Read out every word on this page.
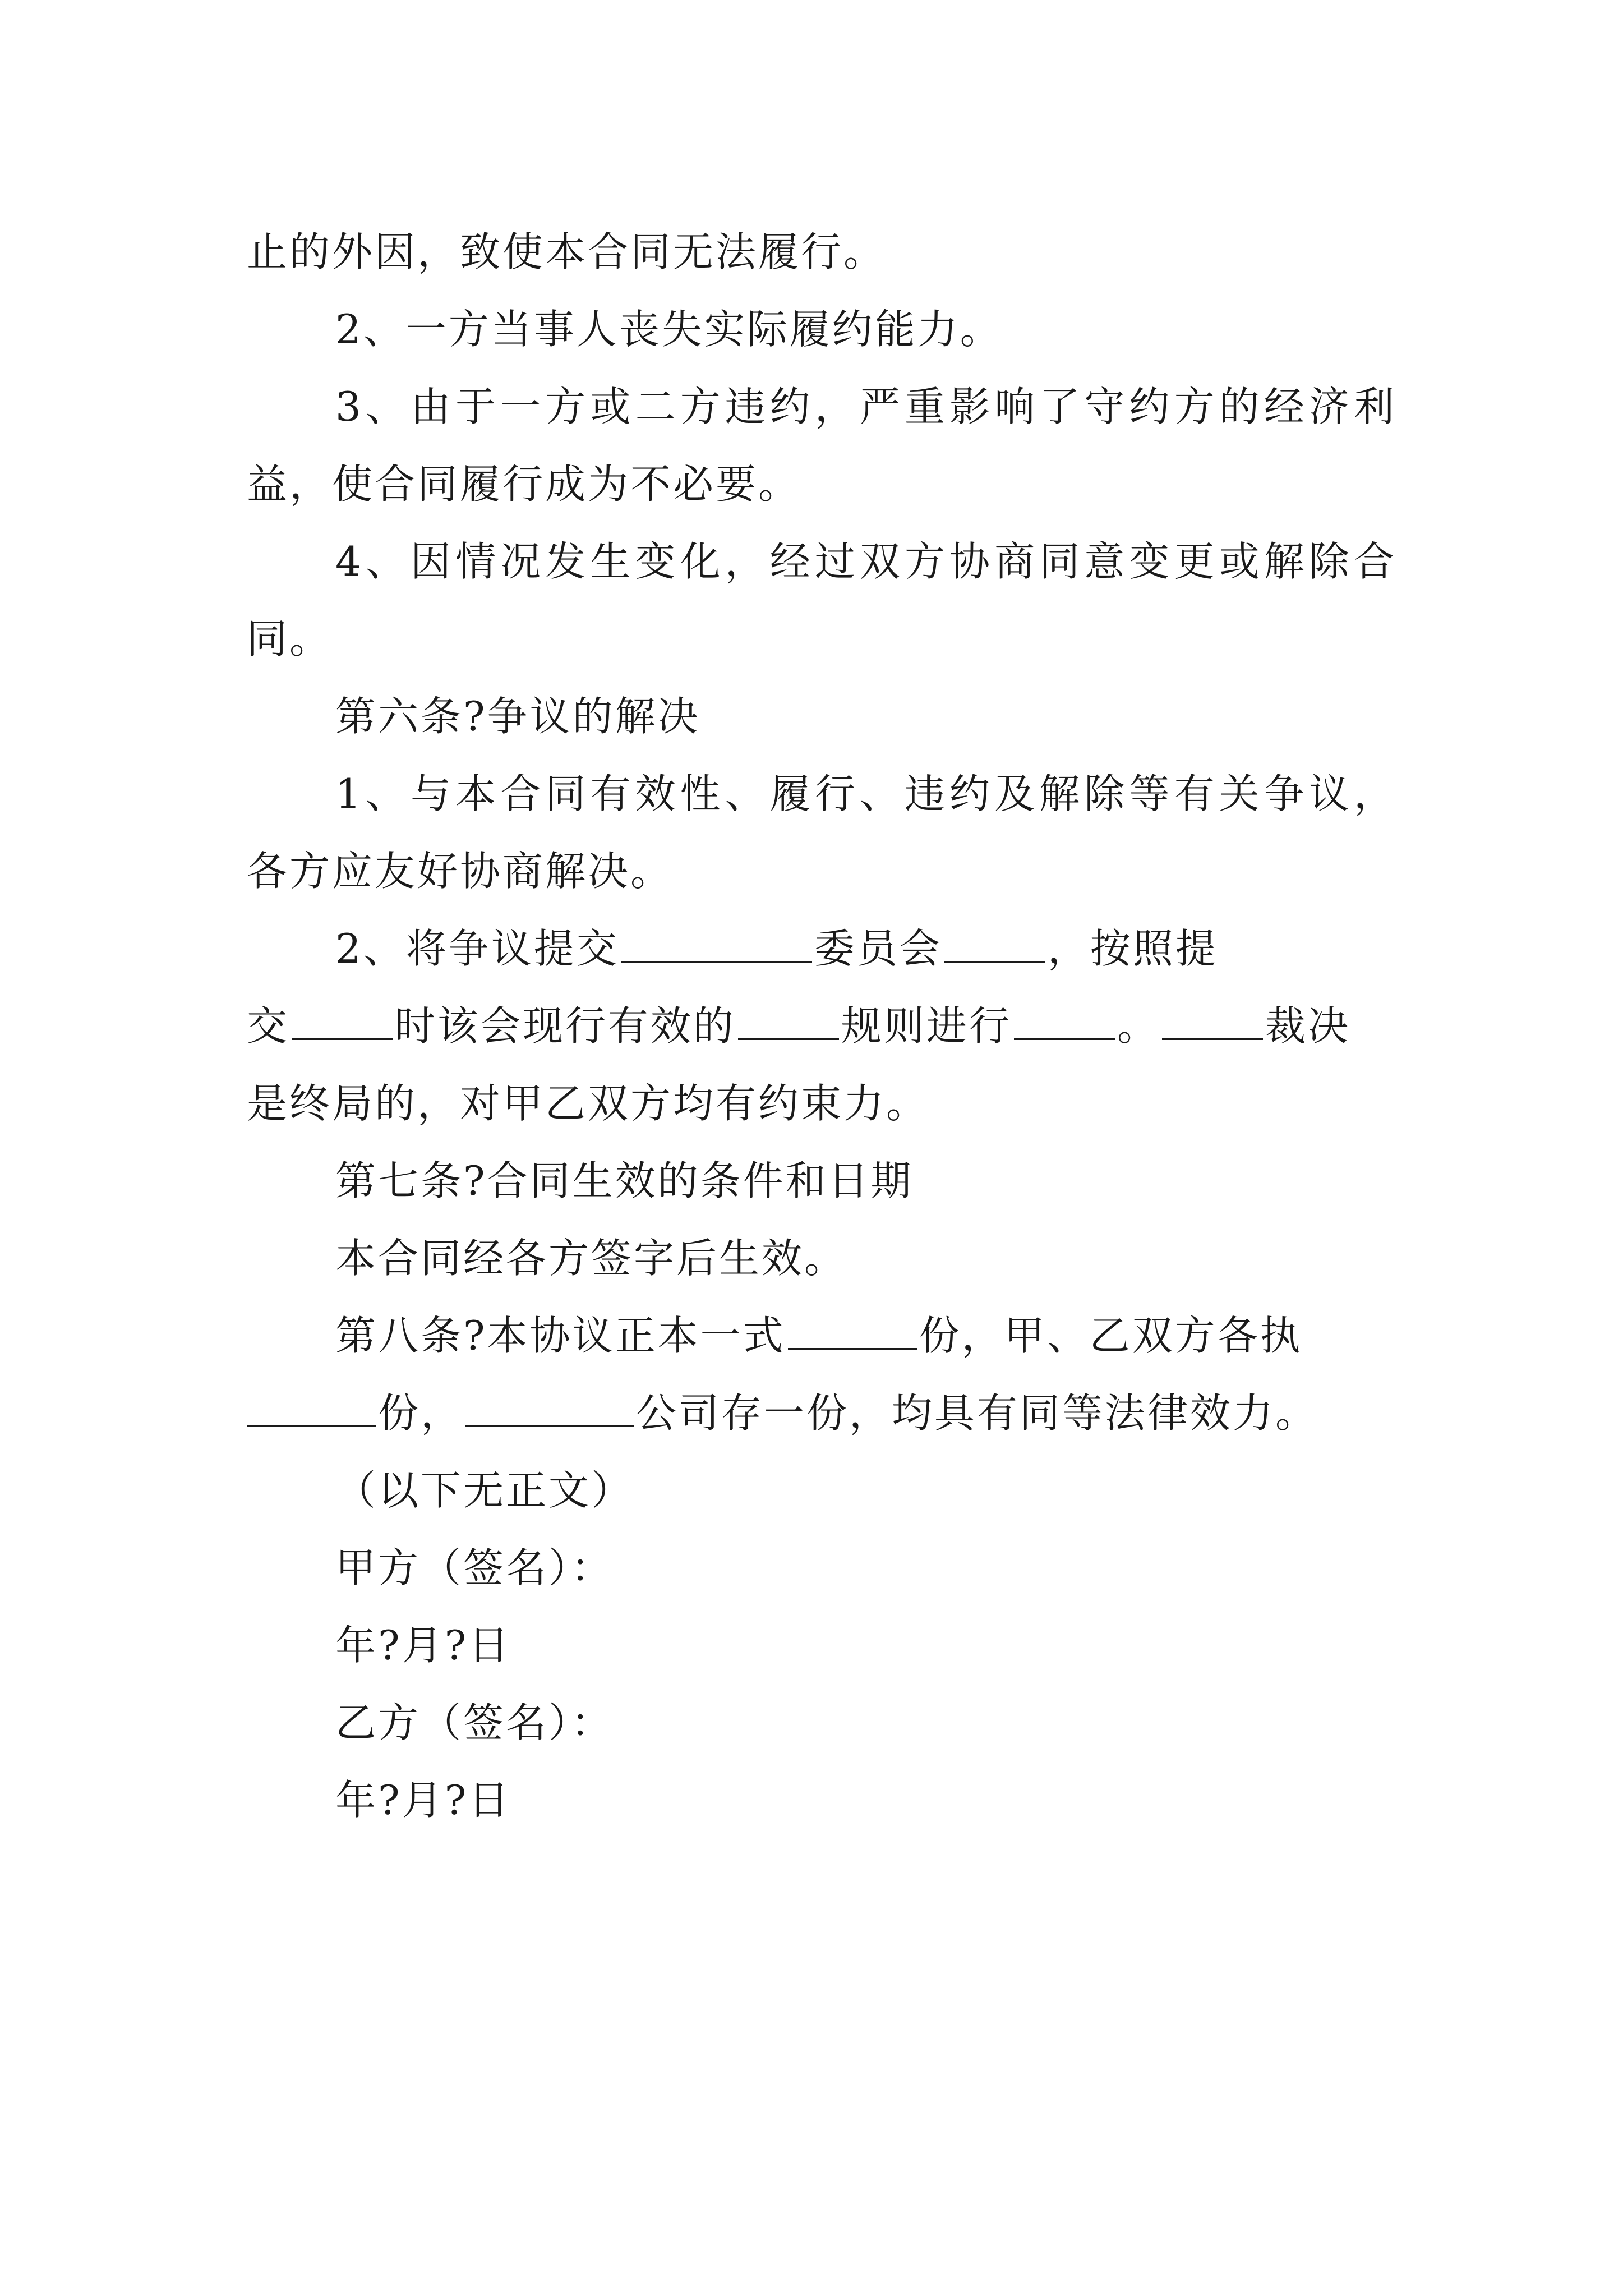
止的外因，致使本合同无法履行。
2、一方当事人丧失实际履约能力。
3、由于一方或二方违约，严重影响了守约方的经济利
益，使合同履行成为不必要。
4、因情况发生变化，经过双方协商同意变更或解除合
同。
第六条?争议的解决
1、与本合同有效性、履行、违约及解除等有关争议，
各方应友好协商解决。
2、将争议提交	委员会	，按照提
交	时该会现行有效的	规则进行	。	裁决
是终局的，对甲乙双方均有约束力。
第七条?合同生效的条件和日期
本合同经各方签字后生效。
第八条?本协议正本一式	份，甲、乙双方各执
份，	公司存一份，均具有同等法律效力。
（以下无正文）
甲方（签名）：
年?月?日
乙方（签名）：
年?月?日
